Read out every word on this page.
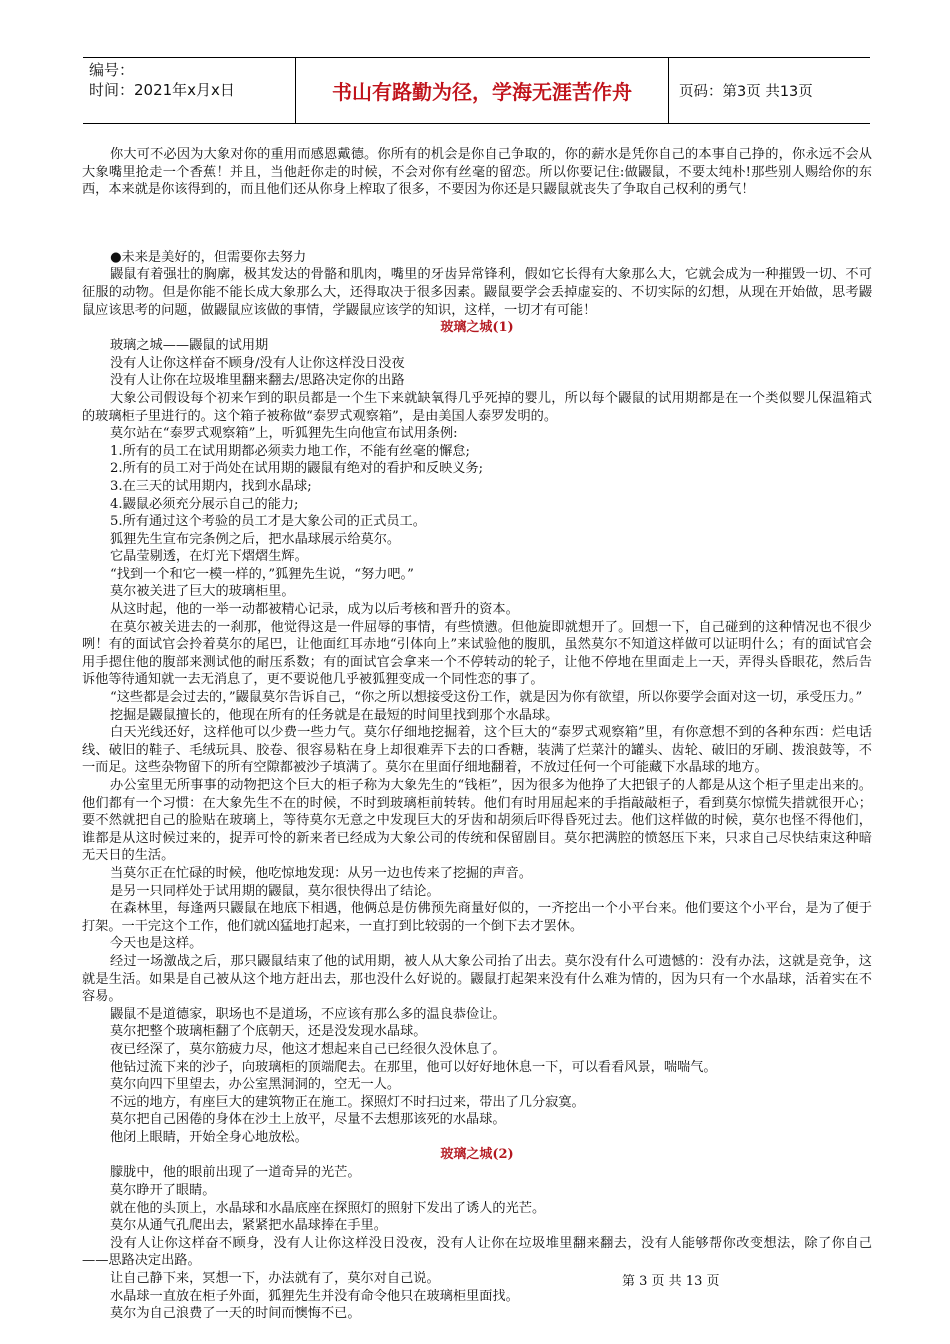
编号：
时间：2021年x月x日	书山有路勤为径，学海无涯苦作舟	页码：第3页 共13页

你大可不必因为大象对你的重用而感恩戴德。你所有的机会是你自己争取的，你的薪水是凭你自己的本事自己挣的，你永远不会从大象嘴里抢走一个香蕉！并且，当他赶你走的时候，不会对你有丝毫的留恋。所以你要记住:做鼹鼠，不要太纯朴!那些别人赐给你的东西，本来就是你该得到的，而且他们还从你身上榨取了很多，不要因为你还是只鼹鼠就丧失了争取自己权利的勇气！

●未来是美好的，但需要你去努力

鼹鼠有着强壮的胸廓，极其发达的骨骼和肌肉，嘴里的牙齿异常锋利，假如它长得有大象那么大，它就会成为一种摧毁一切、不可征服的动物。但是你能不能长成大象那么大，还得取决于很多因素。鼹鼠要学会丢掉虚妄的、不切实际的幻想，从现在开始做，思考鼹鼠应该思考的问题，做鼹鼠应该做的事情，学鼹鼠应该学的知识，这样，一切才有可能！

玻璃之城(1)

玻璃之城——鼹鼠的试用期

没有人让你这样奋不顾身/没有人让你这样没日没夜

没有人让你在垃圾堆里翻来翻去/思路决定你的出路

大象公司假设每个初来乍到的职员都是一个生下来就缺氧得几乎死掉的婴儿，所以每个鼹鼠的试用期都是在一个类似婴儿保温箱式的玻璃柜子里进行的。这个箱子被称做“泰罗式观察箱”，是由美国人泰罗发明的。

莫尔站在“泰罗式观察箱”上，听狐狸先生向他宣布试用条例:

1.所有的员工在试用期都必须卖力地工作，不能有丝毫的懈怠;

2.所有的员工对于尚处在试用期的鼹鼠有绝对的看护和反映义务;

3.在三天的试用期内，找到水晶球;

4.鼹鼠必须充分展示自己的能力;

5.所有通过这个考验的员工才是大象公司的正式员工。

狐狸先生宣布完条例之后，把水晶球展示给莫尔。

它晶莹剔透，在灯光下熠熠生辉。

“找到一个和它一模一样的，”狐狸先生说，“努力吧。”

莫尔被关进了巨大的玻璃柜里。

从这时起，他的一举一动都被精心记录，成为以后考核和晋升的资本。

在莫尔被关进去的一刹那，他觉得这是一件屈辱的事情，有些愤懑。但他旋即就想开了。回想一下，自己碰到的这种情况也不很少咧！有的面试官会拎着莫尔的尾巴，让他面红耳赤地“引体向上”来试验他的腹肌，虽然莫尔不知道这样做可以证明什么；有的面试官会用手摁住他的腹部来测试他的耐压系数；有的面试官会拿来一个不停转动的轮子，让他不停地在里面走上一天，弄得头昏眼花，然后告诉他等待通知就一去无消息了，更不要说他几乎被狐狸变成一个同性恋的事了。

“这些都是会过去的，”鼹鼠莫尔告诉自己，“你之所以想接受这份工作，就是因为你有欲望，所以你要学会面对这一切，承受压力。”

挖掘是鼹鼠擅长的，他现在所有的任务就是在最短的时间里找到那个水晶球。

白天光线还好，这样他可以少费一些力气。莫尔仔细地挖掘着，这个巨大的“泰罗式观察箱”里，有你意想不到的各种东西：烂电话线、破旧的鞋子、毛绒玩具、胶卷、很容易粘在身上却很难弄下去的口香糖，装满了烂菜汁的罐头、齿轮、破旧的牙刷、拨浪鼓等，不一而足。这些杂物留下的所有空隙都被沙子填满了。莫尔在里面仔细地翻着，不放过任何一个可能藏下水晶球的地方。

办公室里无所事事的动物把这个巨大的柜子称为大象先生的“钱柜”，因为很多为他挣了大把银子的人都是从这个柜子里走出来的。他们都有一个习惯：在大象先生不在的时候，不时到玻璃柜前转转。他们有时用屈起来的手指敲敲柜子，看到莫尔惊慌失措就很开心；要不然就把自己的脸贴在玻璃上，等待莫尔无意之中发现巨大的牙齿和胡须后吓得昏死过去。他们这样做的时候，莫尔也怪不得他们，谁都是从这时候过来的，捉弄可怜的新来者已经成为大象公司的传统和保留剧目。莫尔把满腔的愤怒压下来，只求自己尽快结束这种暗无天日的生活。

当莫尔正在忙碌的时候，他吃惊地发现：从另一边也传来了挖掘的声音。

是另一只同样处于试用期的鼹鼠，莫尔很快得出了结论。

在森林里，每逢两只鼹鼠在地底下相遇，他俩总是仿佛预先商量好似的，一齐挖出一个小平台来。他们要这个小平台，是为了便于打架。一干完这个工作，他们就凶猛地打起来，一直打到比较弱的一个倒下去才罢休。

今天也是这样。

经过一场激战之后，那只鼹鼠结束了他的试用期，被人从大象公司抬了出去。莫尔没有什么可遗憾的：没有办法，这就是竞争，这就是生活。如果是自己被从这个地方赶出去，那也没什么好说的。鼹鼠打起架来没有什么难为情的，因为只有一个水晶球，活着实在不容易。

鼹鼠不是道德家，职场也不是道场，不应该有那么多的温良恭俭让。

莫尔把整个玻璃柜翻了个底朝天，还是没发现水晶球。

夜已经深了，莫尔筋疲力尽，他这才想起来自己已经很久没休息了。

他钻过流下来的沙子，向玻璃柜的顶端爬去。在那里，他可以好好地休息一下，可以看看风景，喘喘气。

莫尔向四下里望去，办公室黑洞洞的，空无一人。

不远的地方，有座巨大的建筑物正在施工。探照灯不时扫过来，带出了几分寂寞。

莫尔把自己困倦的身体在沙土上放平，尽量不去想那该死的水晶球。

他闭上眼睛，开始全身心地放松。

玻璃之城(2)

朦胧中，他的眼前出现了一道奇异的光芒。

莫尔睁开了眼睛。

就在他的头顶上，水晶球和水晶底座在探照灯的照射下发出了诱人的光芒。

莫尔从通气孔爬出去，紧紧把水晶球捧在手里。

没有人让你这样奋不顾身，没有人让你这样没日没夜，没有人让你在垃圾堆里翻来翻去，没有人能够帮你改变想法，除了你自己——思路决定出路。

让自己静下来，冥想一下，办法就有了，莫尔对自己说。

水晶球一直放在柜子外面，狐狸先生并没有命令他只在玻璃柜里面找。

莫尔为自己浪费了一天的时间而懊悔不已。

第 3 页 共 13 页
